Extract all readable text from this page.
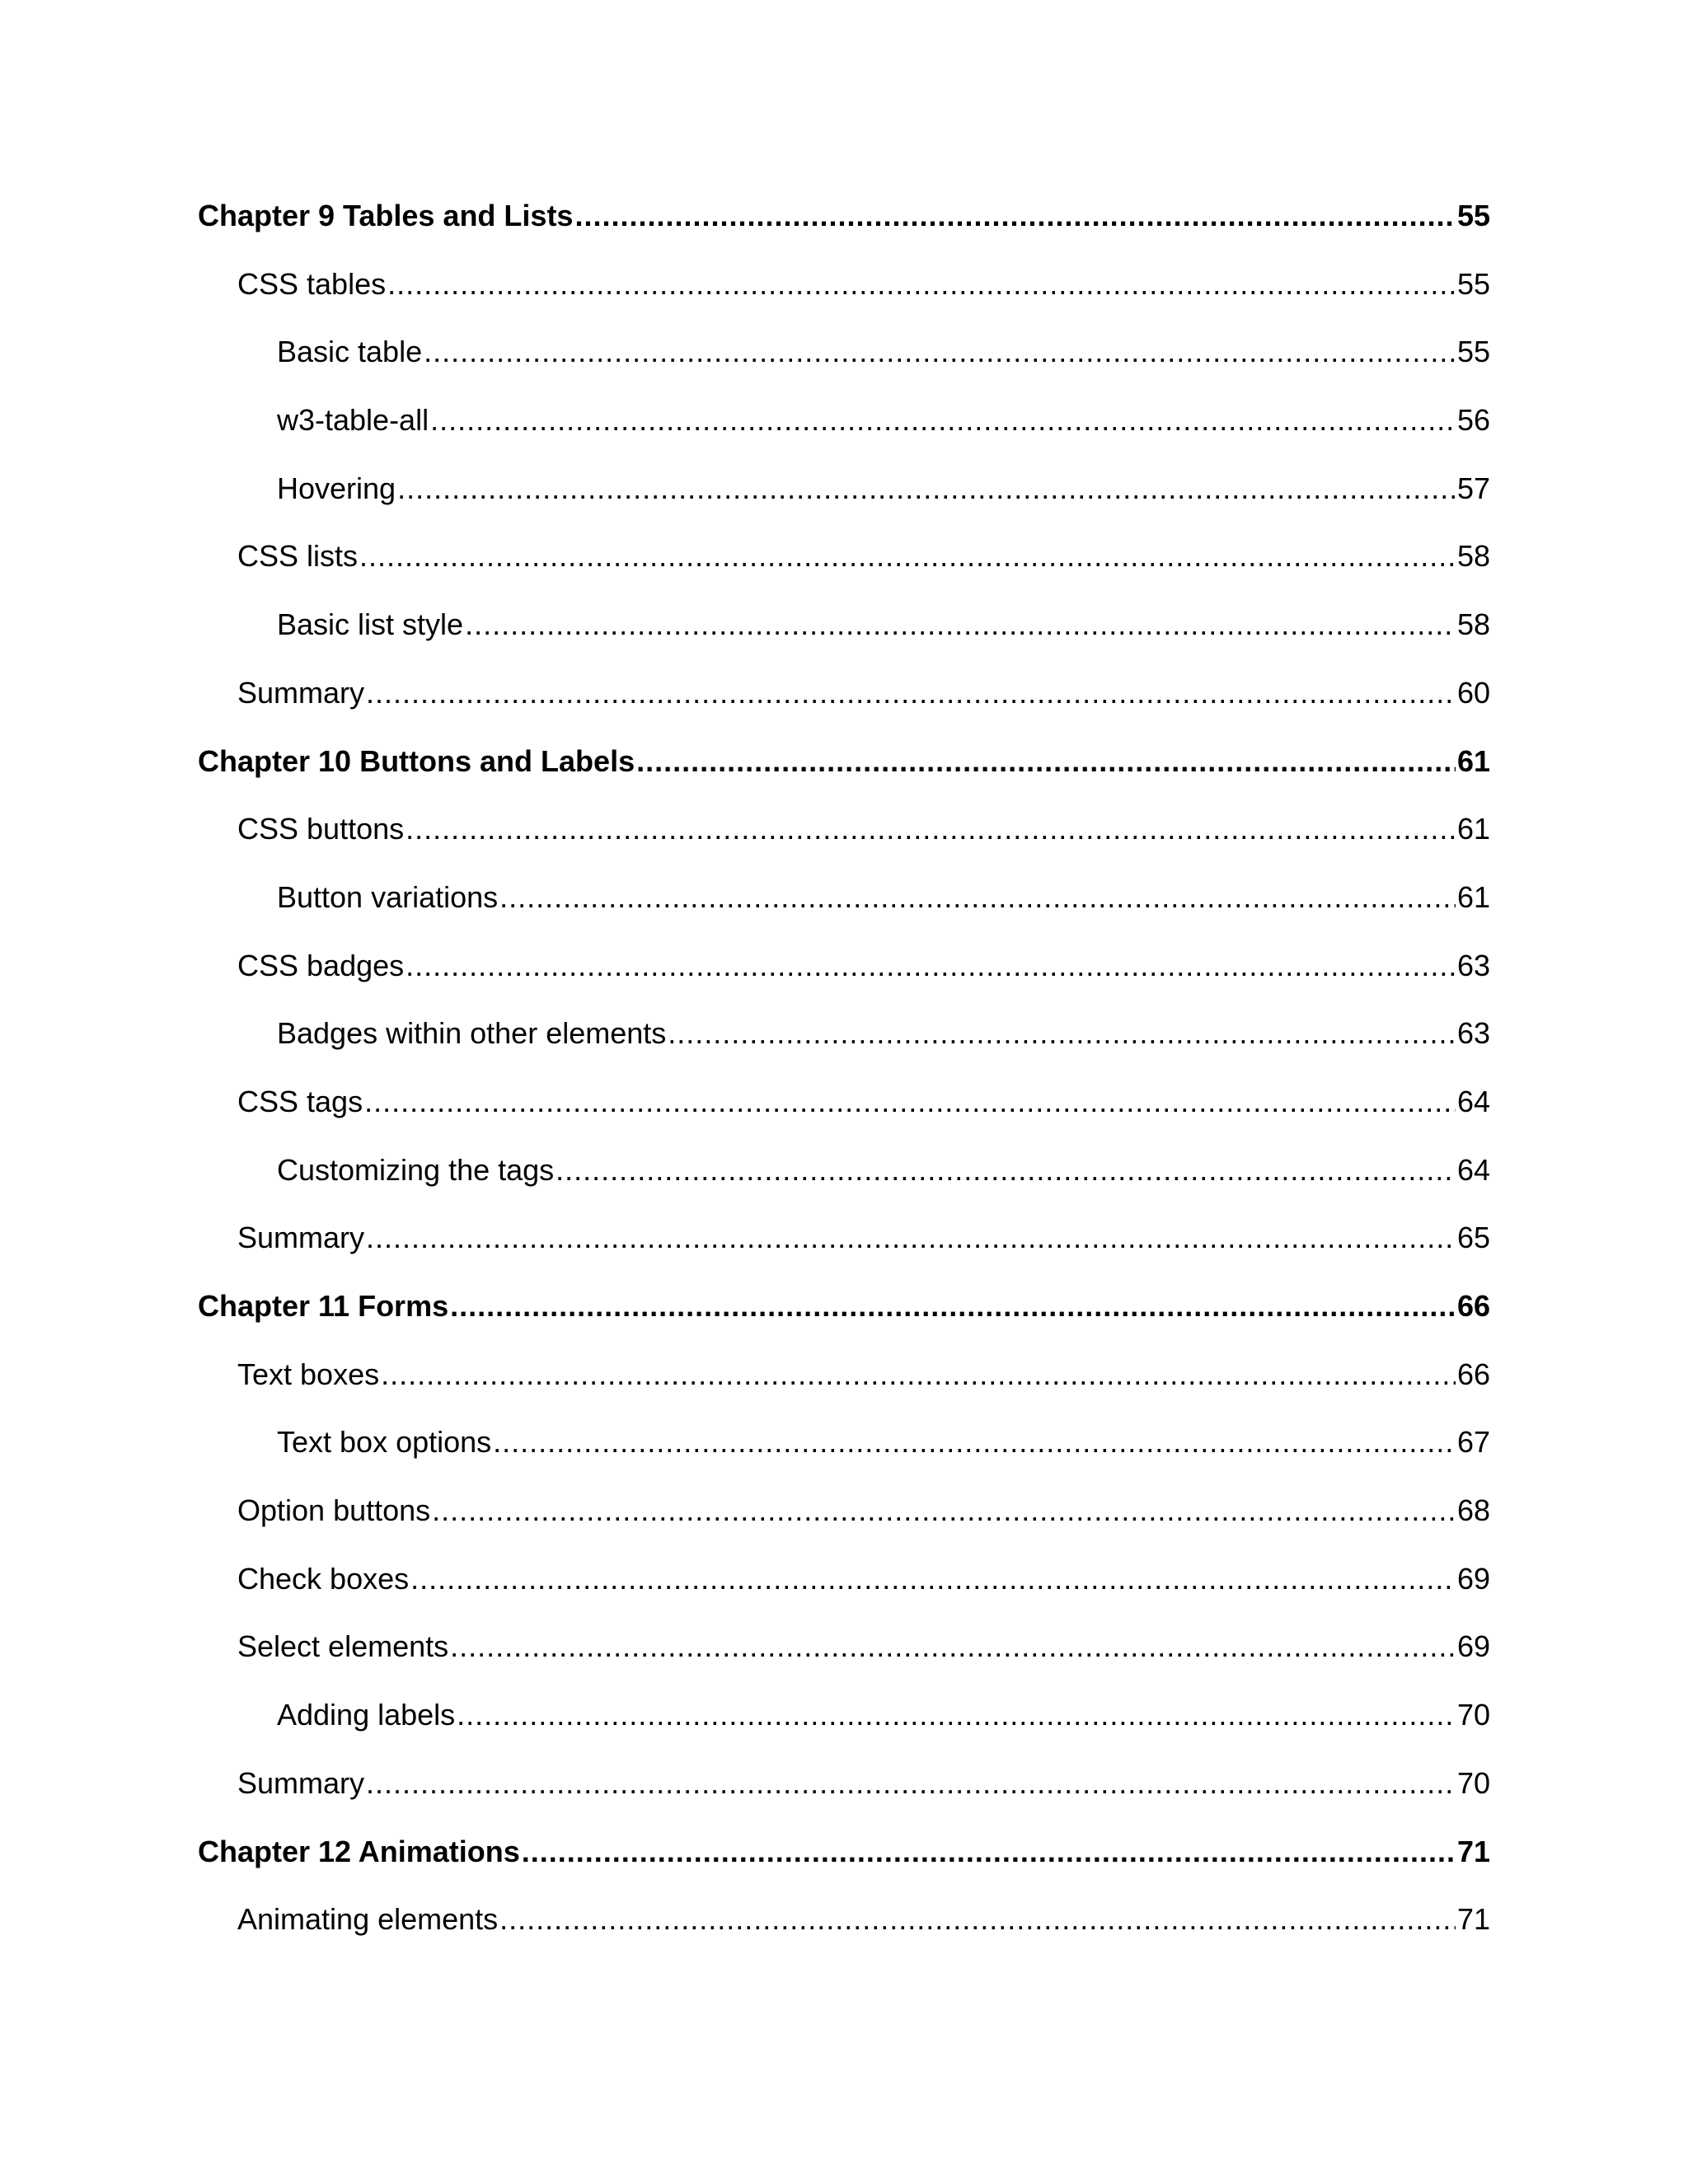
Chapter 9 Tables and Lists .....	55
CSS tables .....	55
Basic table .....	55
w3-table-all .....	56
Hovering .....	57
CSS lists .....	58
Basic list style .....	58
Summary .....	60
Chapter 10 Buttons and Labels .....	61
CSS buttons .....	61
Button variations .....	61
CSS badges .....	63
Badges within other elements .....	63
CSS tags .....	64
Customizing the tags .....	64
Summary .....	65
Chapter 11 Forms .....	66
Text boxes .....	66
Text box options .....	67
Option buttons .....	68
Check boxes .....	69
Select elements .....	69
Adding labels .....	70
Summary .....	70
Chapter 12 Animations .....	71
Animating elements .....	71
